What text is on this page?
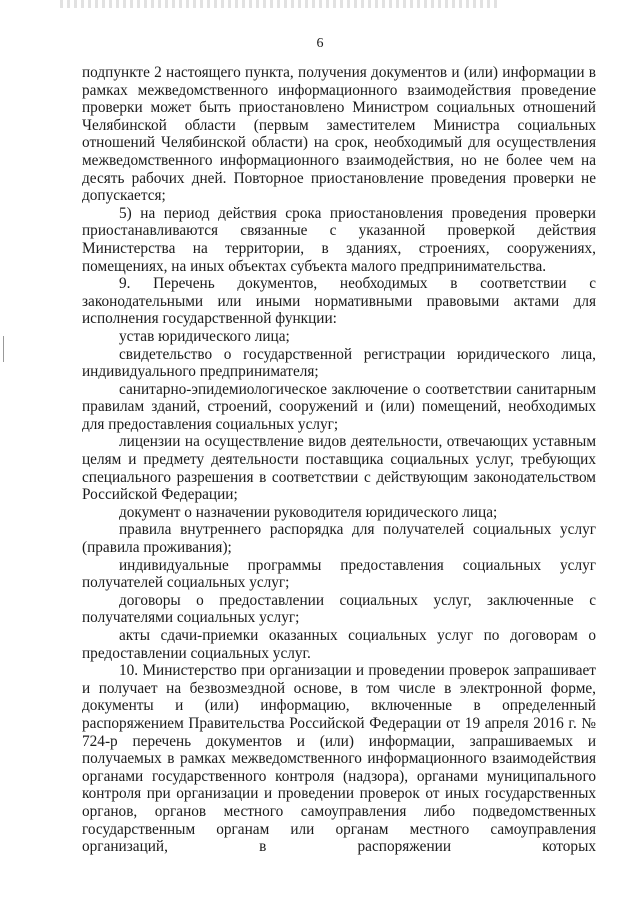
6

подпункте 2 настоящего пункта, получения документов и (или) информации в рамках межведомственного информационного взаимодействия проведение проверки может быть приостановлено Министром социальных отношений Челябинской области (первым заместителем Министра социальных отношений Челябинской области) на срок, необходимый для осуществления межведомственного информационного взаимодействия, но не более чем на десять рабочих дней. Повторное приостановление проведения проверки не допускается;

5) на период действия срока приостановления проведения проверки приостанавливаются связанные с указанной проверкой действия Министерства на территории, в зданиях, строениях, сооружениях, помещениях, на иных объектах субъекта малого предпринимательства.

9. Перечень документов, необходимых в соответствии с законодательными или иными нормативными правовыми актами для исполнения государственной функции:

устав юридического лица;

свидетельство о государственной регистрации юридического лица, индивидуального предпринимателя;

санитарно-эпидемиологическое заключение о соответствии санитарным правилам зданий, строений, сооружений и (или) помещений, необходимых для предоставления социальных услуг;

лицензии на осуществление видов деятельности, отвечающих уставным целям и предмету деятельности поставщика социальных услуг, требующих специального разрешения в соответствии с действующим законодательством Российской Федерации;

документ о назначении руководителя юридического лица;

правила внутреннего распорядка для получателей социальных услуг (правила проживания);

индивидуальные программы предоставления социальных услуг получателей социальных услуг;

договоры о предоставлении социальных услуг, заключенные с получателями социальных услуг;

акты сдачи-приемки оказанных социальных услуг по договорам о предоставлении социальных услуг.

10. Министерство при организации и проведении проверок запрашивает и получает на безвозмездной основе, в том числе в электронной форме, документы и (или) информацию, включенные в определенный распоряжением Правительства Российской Федерации от 19 апреля 2016 г. № 724-р перечень документов и (или) информации, запрашиваемых и получаемых в рамках межведомственного информационного взаимодействия органами государственного контроля (надзора), органами муниципального контроля при организации и проведении проверок от иных государственных органов, органов местного самоуправления либо подведомственных государственным органам или органам местного самоуправления организаций, в распоряжении которых
